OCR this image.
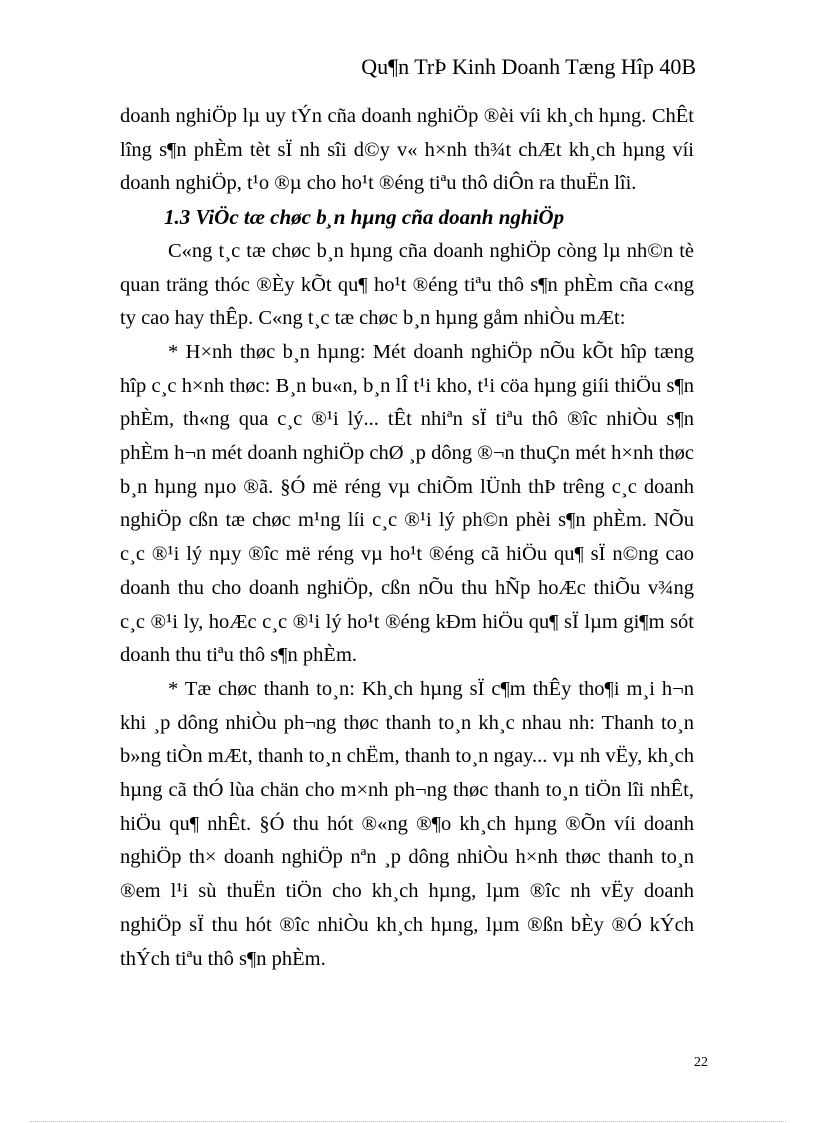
Qu¶n TrÞ Kinh Doanh Tæng Hîp 40B

doanh nghiÖp lµ uy tÝn cña doanh nghiÖp ®èi víi kh¸ch hµng. ChÊt lîng s¶n phÈm tèt sÏ nh sîi d©y v« h×nh th¾t chÆt kh¸ch hµng víi doanh nghiÖp, t¹o ®µ cho ho¹t ®éng tiªu thô diÔn ra thuËn lîi.

1.3 ViÖc tæ chøc b¸n hµng cña doanh nghiÖp

C«ng t¸c tæ chøc b¸n hµng cña doanh nghiÖp còng lµ nh©n tè quan träng thóc ®Èy kÕt qu¶ ho¹t ®éng tiªu thô s¶n phÈm cña c«ng ty cao hay thÊp. C«ng t¸c tæ chøc b¸n hµng gåm nhiÒu mÆt:

* H×nh thøc b¸n hµng: Mét doanh nghiÖp nÕu kÕt hîp tæng hîp c¸c h×nh thøc: B¸n bu«n, b¸n lÎ t¹i kho, t¹i cöa hµng giíi thiÖu s¶n phÈm, th«ng qua c¸c ®¹i lý... tÊt nhiªn sÏ tiªu thô ®îc nhiÒu s¶n phÈm h¬n mét doanh nghiÖp chØ ¸p dông ®¬n thuÇn mét h×nh thøc b¸n hµng nµo ®ã. §Ó më réng vµ chiÕm lÜnh thÞ trêng c¸c doanh nghiÖp cßn tæ chøc m¹ng líi c¸c ®¹i lý ph©n phèi s¶n phÈm. NÕu c¸c ®¹i lý nµy ®îc më réng vµ ho¹t ®éng cã hiÖu qu¶ sÏ n©ng cao doanh thu cho doanh nghiÖp, cßn nÕu thu hÑp hoÆc thiÕu v¾ng c¸c ®¹i ly, hoÆc c¸c ®¹i lý ho¹t ®éng kÐm hiÖu qu¶ sÏ lµm gi¶m sót doanh thu tiªu thô s¶n phÈm.

* Tæ chøc thanh to¸n: Kh¸ch hµng sÏ c¶m thÊy tho¶i m¸i h¬n khi ¸p dông nhiÒu ph¬ng thøc thanh to¸n kh¸c nhau nh: Thanh to¸n b»ng tiÒn mÆt, thanh to¸n chËm, thanh to¸n ngay... vµ nh vËy, kh¸ch hµng cã thÓ lùa chän cho m×nh ph¬ng thøc thanh to¸n tiÖn lîi nhÊt, hiÖu qu¶ nhÊt. §Ó thu hót ®«ng ®¶o kh¸ch hµng ®Õn víi doanh nghiÖp th× doanh nghiÖp nªn ¸p dông nhiÒu h×nh thøc thanh to¸n ®em l¹i sù thuËn tiÖn cho kh¸ch hµng, lµm ®îc nh vËy doanh nghiÖp sÏ thu hót ®îc nhiÒu kh¸ch hµng, lµm ®ßn bÈy ®Ó kÝch thÝch tiªu thô s¶n phÈm.

22
